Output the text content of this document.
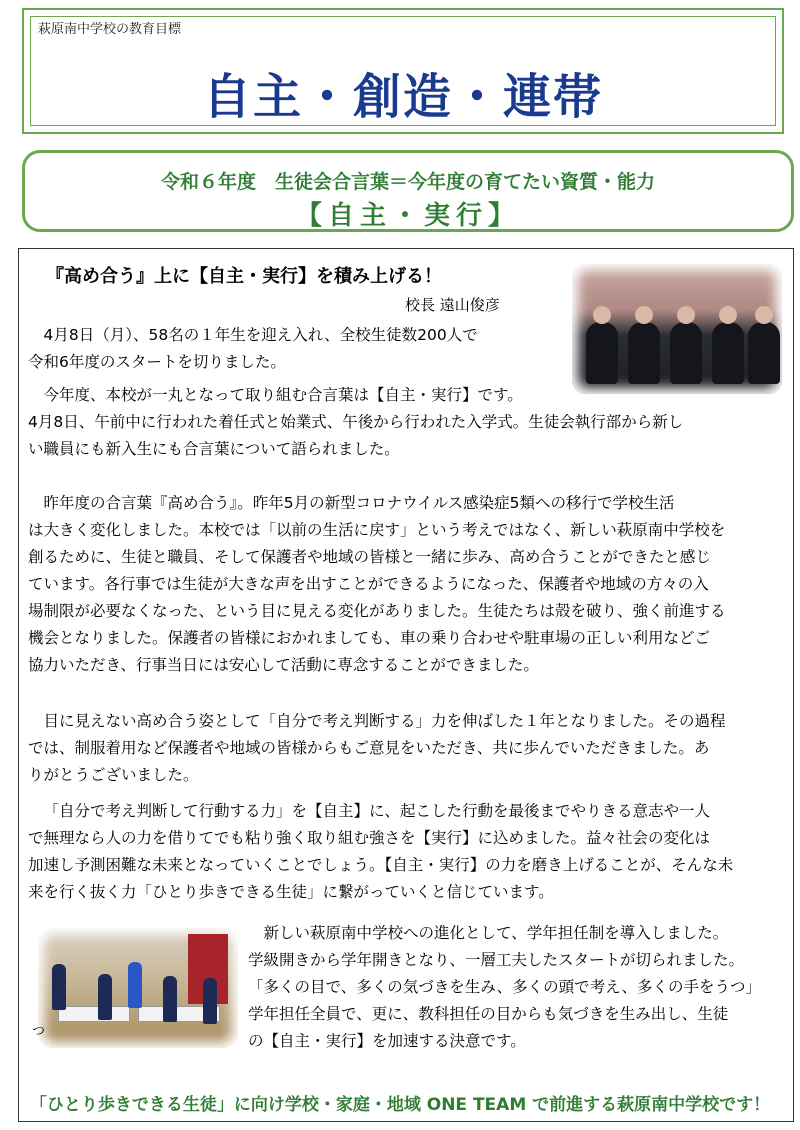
萩原南中学校の教育目標
自主・創造・連帯
令和６年度　生徒会合言葉＝今年度の育てたい資質・能力
【自主・実行】
『高め合う』上に【自主・実行】を積み上げる！
校長 遠山俊彦
4月8日（月）、58名の１年生を迎え入れ、全校生徒数200人で
令和6年度のスタートを切りました。
今年度、本校が一丸となって取り組む合言葉は【自主・実行】です。
4月8日、午前中に行われた着任式と始業式、午後から行われた入学式。生徒会執行部から新し
い職員にも新入生にも合言葉について語られました。
昨年度の合言葉『高め合う』。昨年5月の新型コロナウイルス感染症5類への移行で学校生活
は大きく変化しました。本校では「以前の生活に戻す」という考えではなく、新しい萩原南中学校を
創るために、生徒と職員、そして保護者や地域の皆様と一緒に歩み、高め合うことができたと感じ
ています。各行事では生徒が大きな声を出すことができるようになった、保護者や地域の方々の入
場制限が必要なくなった、という目に見える変化がありました。生徒たちは殻を破り、強く前進する
機会となりました。保護者の皆様におかれましても、車の乗り合わせや駐車場の正しい利用などご
協力いただき、行事当日には安心して活動に専念することができました。
目に見えない高め合う姿として「自分で考え判断する」力を伸ばした１年となりました。その過程
では、制服着用など保護者や地域の皆様からもご意見をいただき、共に歩んでいただきました。あ
りがとうございました。
「自分で考え判断して行動する力」を【自主】に、起こした行動を最後までやりきる意志や一人
で無理なら人の力を借りてでも粘り強く取り組む強さを【実行】に込めました。益々社会の変化は
加速し予測困難な未来となっていくことでしょう。【自主・実行】の力を磨き上げることが、そんな未
来を行く抜く力「ひとり歩きできる生徒」に繋がっていくと信じています。
つ
新しい萩原南中学校への進化として、学年担任制を導入しました。
学級開きから学年開きとなり、一層工夫したスタートが切られました。
「多くの目で、多くの気づきを生み、多くの頭で考え、多くの手をうつ」
学年担任全員で、更に、教科担任の目からも気づきを生み出し、生徒
の【自主・実行】を加速する決意です。
「ひとり歩きできる生徒」に向け学校・家庭・地域 ONE TEAM で前進する萩原南中学校です！
